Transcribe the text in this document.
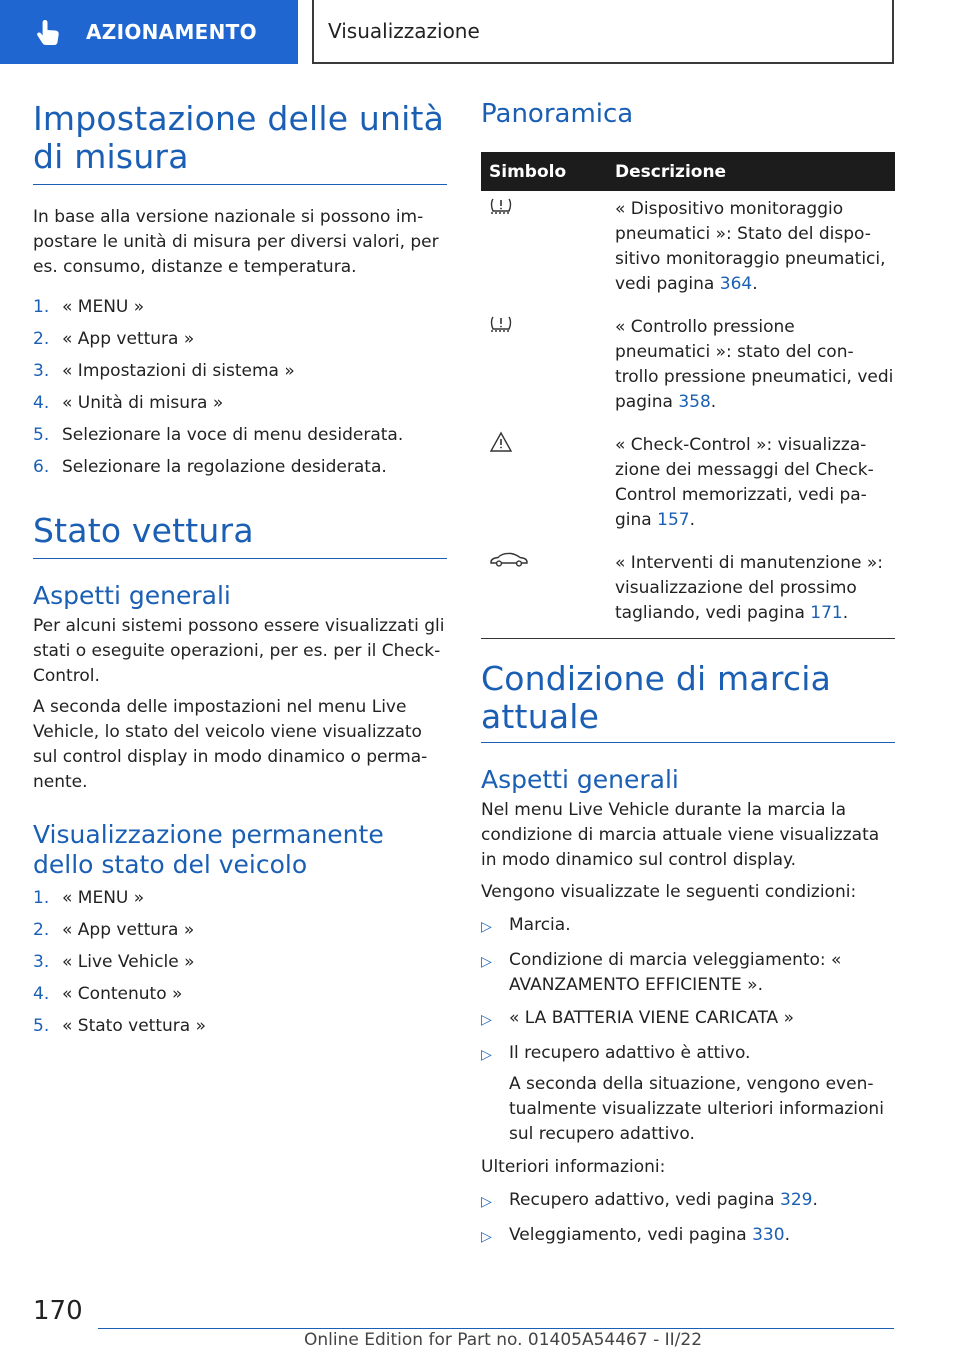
AZIONAMENTO	Visualizzazione
Impostazione delle unità di misura

In base alla versione nazionale si possono im-postare le unità di misura per diversi valori, per es. consumo, distanze e temperatura.

1. « MENU »
2. « App vettura »
3. « Impostazioni di sistema »
4. « Unità di misura »
5. Selezionare la voce di menu desiderata.
6. Selezionare la regolazione desiderata.
Stato vettura
Aspetti generali

Per alcuni sistemi possono essere visualizzati gli stati o eseguite operazioni, per es. per il Check-Control.

A seconda delle impostazioni nel menu Live Vehicle, lo stato del veicolo viene visualizzato sul control display in modo dinamico o perma-nente.

Visualizzazione permanente dello stato del veicolo
1. « MENU »
2. « App vettura »
3. « Live Vehicle »
4. « Contenuto »
5. « Stato vettura »
Panoramica
Simbolo	Descrizione
	« Dispositivo monitoraggio pneumatici »: Stato del dispo-sitivo monitoraggio pneumatici, vedi pagina 364.
	« Controllo pressione pneumatici »: stato del con-trollo pressione pneumatici, vedi pagina 358.
	« Check-Control »: visualizza-zione dei messaggi del Check-Control memorizzati, vedi pa-gina 157.
	« Interventi di manutenzione »: visualizzazione del prossimo tagliando, vedi pagina 171.
Condizione di marcia attuale
Aspetti generali

Nel menu Live Vehicle durante la marcia la condizione di marcia attuale viene visualizzata in modo dinamico sul control display.

Vengono visualizzate le seguenti condizioni:

▷	Marcia.
▷	Condizione di marcia veleggiamento: « AVANZAMENTO EFFICIENTE ».
▷	« LA BATTERIA VIENE CARICATA »
▷	Il recupero adattivo è attivo.
A seconda della situazione, vengono even-tualmente visualizzate ulteriori informazioni sul recupero adattivo.

Ulteriori informazioni:

▷	Recupero adattivo, vedi pagina 329.
▷	Veleggiamento, vedi pagina 330.
170
Online Edition for Part no. 01405A54467 - II/22
